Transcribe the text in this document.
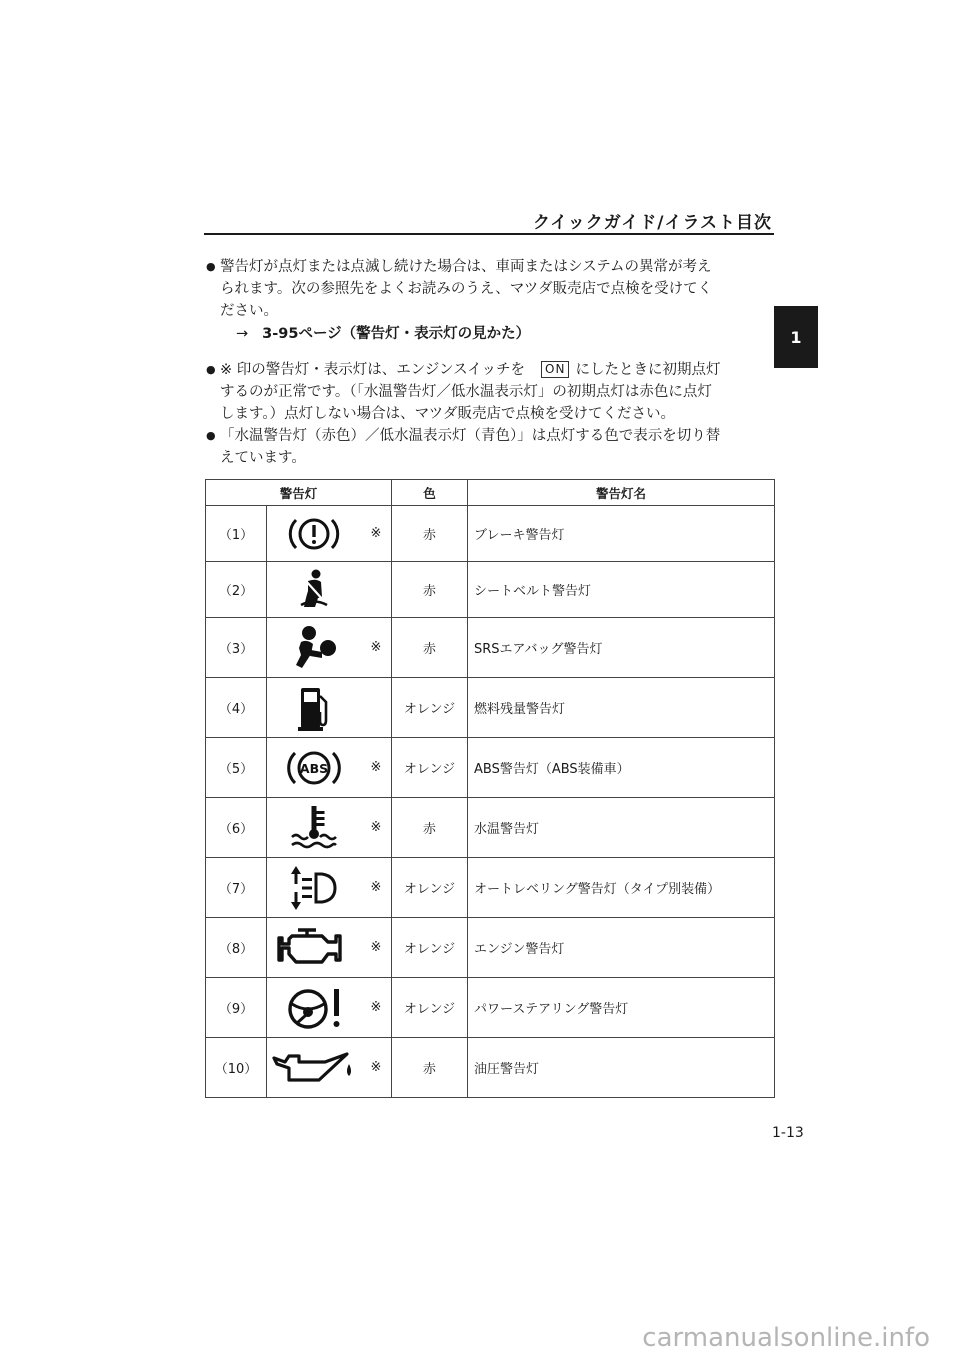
クイックガイド/イラスト目次
1
● 警告灯が点灯または点滅し続けた場合は、車両またはシステムの異常が考え
られます。次の参照先をよくお読みのうえ、マツダ販売店で点検を受けてく
ださい。
→ 3-95ページ（警告灯・表示灯の見かた）
● ※ 印の警告灯・表示灯は、エンジンスイッチを ON にしたときに初期点灯
するのが正常です。（「水温警告灯／低水温表示灯」の初期点灯は赤色に点灯
します。）点灯しない場合は、マツダ販売店で点検を受けてください。
● 「水温警告灯（赤色）／低水温表示灯（青色）」は点灯する色で表示を切り替
えています。
警告灯			色	警告灯名
（1）		※	赤	ブレーキ警告灯
（2）			赤	シートベルト警告灯
（3）		※	赤	SRSエアバッグ警告灯
（4）			オレンジ	燃料残量警告灯
（5）	ABS	※	オレンジ	ABS警告灯（ABS装備車）
（6）		※	赤	水温警告灯
（7）		※	オレンジ	オートレベリング警告灯（タイプ別装備）
（8）		※	オレンジ	エンジン警告灯
（9）		※	オレンジ	パワーステアリング警告灯
（10）		※	赤	油圧警告灯
1-13
carmanualsonline.info
